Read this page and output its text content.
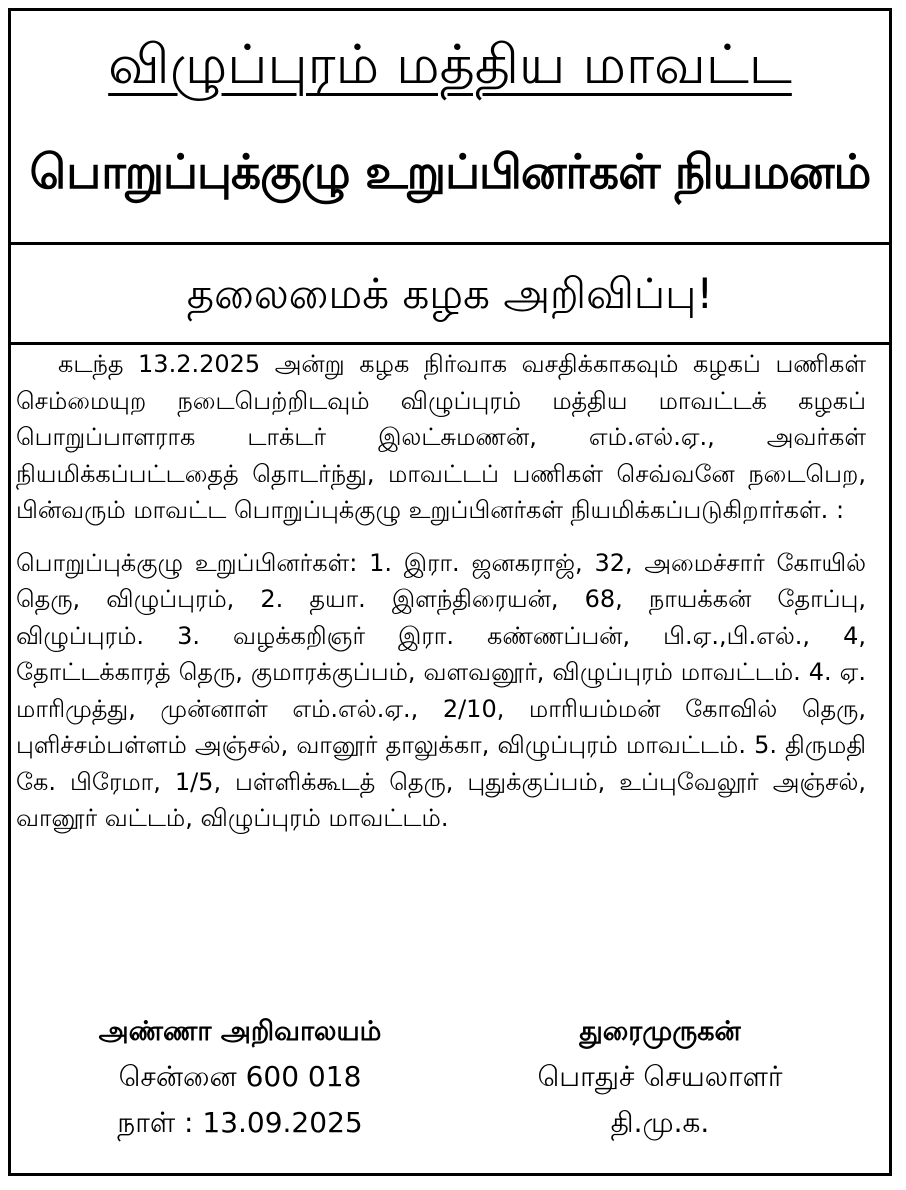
விழுப்புரம் மத்திய மாவட்ட
பொறுப்புக்குழு உறுப்பினர்கள் நியமனம்
தலைமைக் கழக அறிவிப்பு!

கடந்த 13.2.2025 அன்று கழக நிர்வாக வசதிக்காகவும் கழகப் பணிகள் செம்மையுற நடைபெற்றிடவும் விழுப்புரம் மத்திய மாவட்டக் கழகப் பொறுப்பாளராக டாக்டர் இலட்சுமணன், எம்.எல்.ஏ., அவர்கள் நியமிக்கப்பட்டதைத் தொடர்ந்து, மாவட்டப் பணிகள் செவ்வனே நடைபெற, பின்வரும் மாவட்ட பொறுப்புக்குழு உறுப்பினர்கள் நியமிக்கப்படுகிறார்கள். :

பொறுப்புக்குழு உறுப்பினர்கள்: 1. இரா. ஜனகராஜ், 32, அமைச்சார் கோயில் தெரு, விழுப்புரம், 2. தயா. இளந்திரையன், 68, நாயக்கன் தோப்பு, விழுப்புரம். 3. வழக்கறிஞர் இரா. கண்ணப்பன், பி.ஏ.,பி.எல்., 4, தோட்டக்காரத் தெரு, குமாரக்குப்பம், வளவனூர், விழுப்புரம் மாவட்டம். 4. ஏ. மாரிமுத்து, முன்னாள் எம்.எல்.ஏ., 2/10, மாரியம்மன் கோவில் தெரு, புளிச்சம்பள்ளம் அஞ்சல், வானூர் தாலுக்கா, விழுப்புரம் மாவட்டம். 5. திருமதி கே. பிரேமா, 1/5, பள்ளிக்கூடத் தெரு, புதுக்குப்பம், உப்புவேலூர் அஞ்சல், வானூர் வட்டம், விழுப்புரம் மாவட்டம்.

அண்ணா அறிவாலயம்
சென்னை 600 018
நாள் : 13.09.2025
துரைமுருகன்
பொதுச் செயலாளர்
தி.மு.க.
